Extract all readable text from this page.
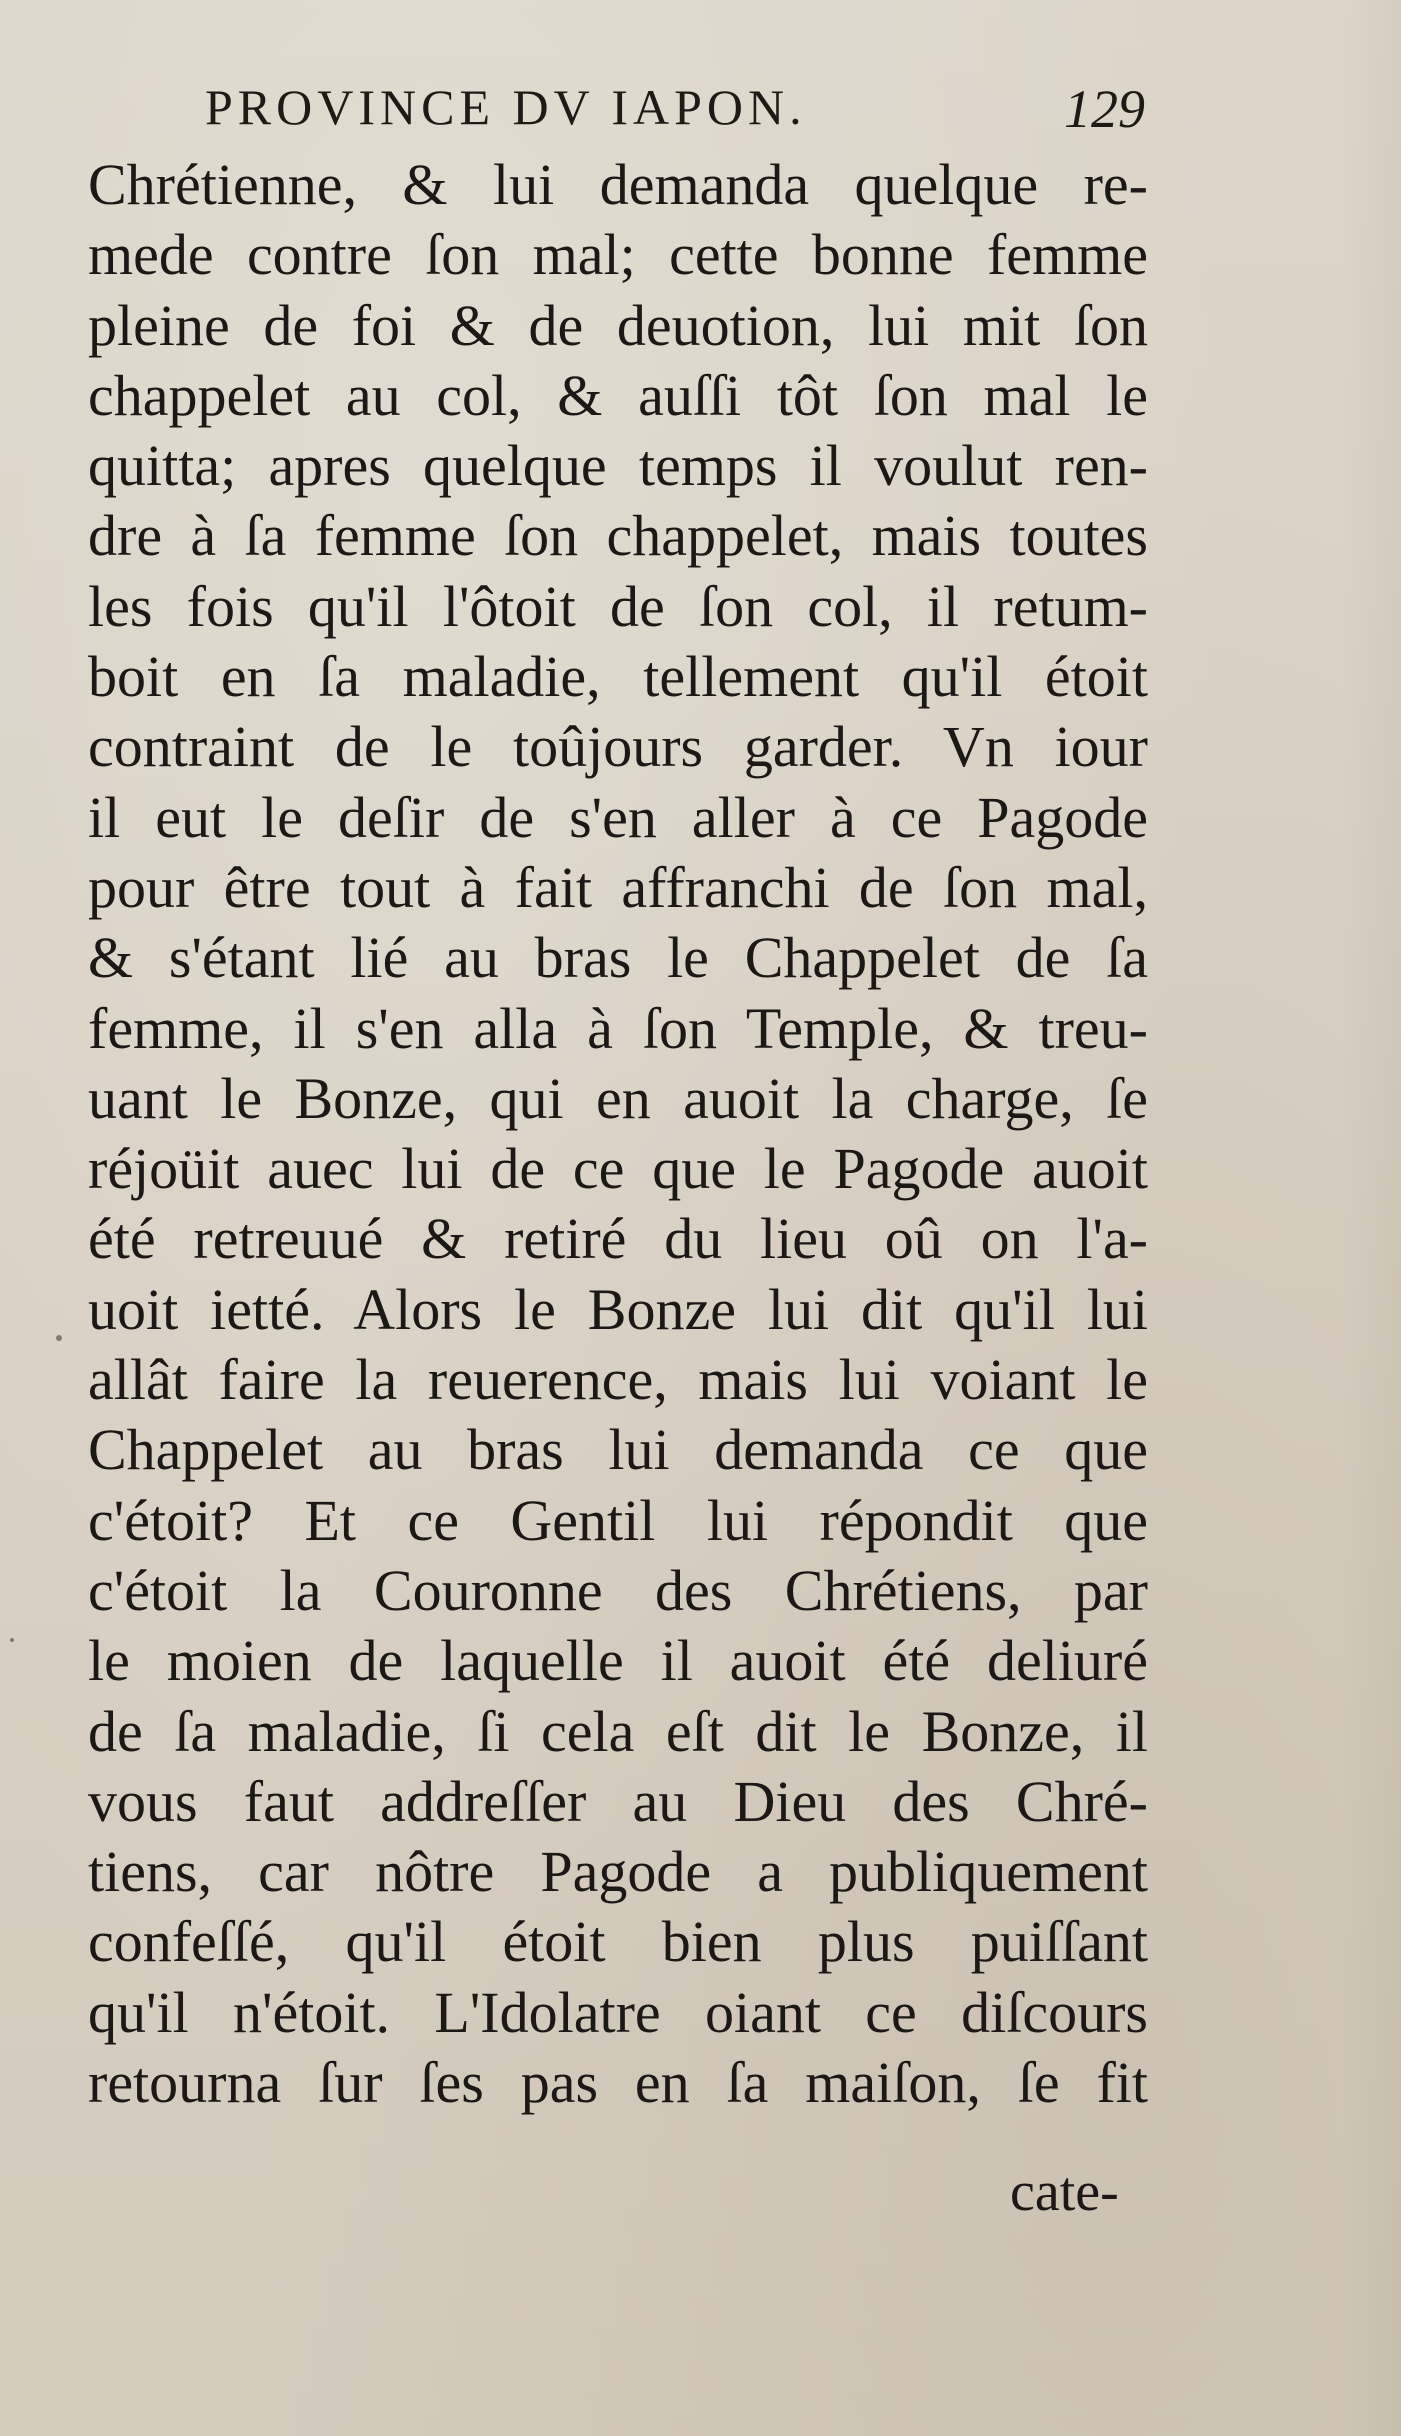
PROVINCE DV IAPON.	129
Chrétienne, & lui demanda quelque re-
mede contre ſon mal; cette bonne femme
pleine de foi & de deuotion, lui mit ſon
chappelet au col, & auſſi tôt ſon mal le
quitta; apres quelque temps il voulut ren-
dre à ſa femme ſon chappelet, mais toutes
les fois qu'il l'ôtoit de ſon col, il retum-
boit en ſa maladie, tellement qu'il étoit
contraint de le toûjours garder. Vn iour
il eut le deſir de s'en aller à ce Pagode
pour être tout à fait affranchi de ſon mal,
& s'étant lié au bras le Chappelet de ſa
femme, il s'en alla à ſon Temple, & treu-
uant le Bonze, qui en auoit la charge, ſe
réjoüit auec lui de ce que le Pagode auoit
été retreuué & retiré du lieu oû on l'a-
uoit ietté. Alors le Bonze lui dit qu'il lui
allât faire la reuerence, mais lui voiant le
Chappelet au bras lui demanda ce que
c'étoit? Et ce Gentil lui répondit que
c'étoit la Couronne des Chrétiens, par
le moien de laquelle il auoit été deliuré
de ſa maladie, ſi cela eſt dit le Bonze, il
vous faut addreſſer au Dieu des Chré-
tiens, car nôtre Pagode a publiquement
confeſſé, qu'il étoit bien plus puiſſant
qu'il n'étoit. L'Idolatre oiant ce diſcours
retourna ſur ſes pas en ſa maiſon, ſe fit
cate-
